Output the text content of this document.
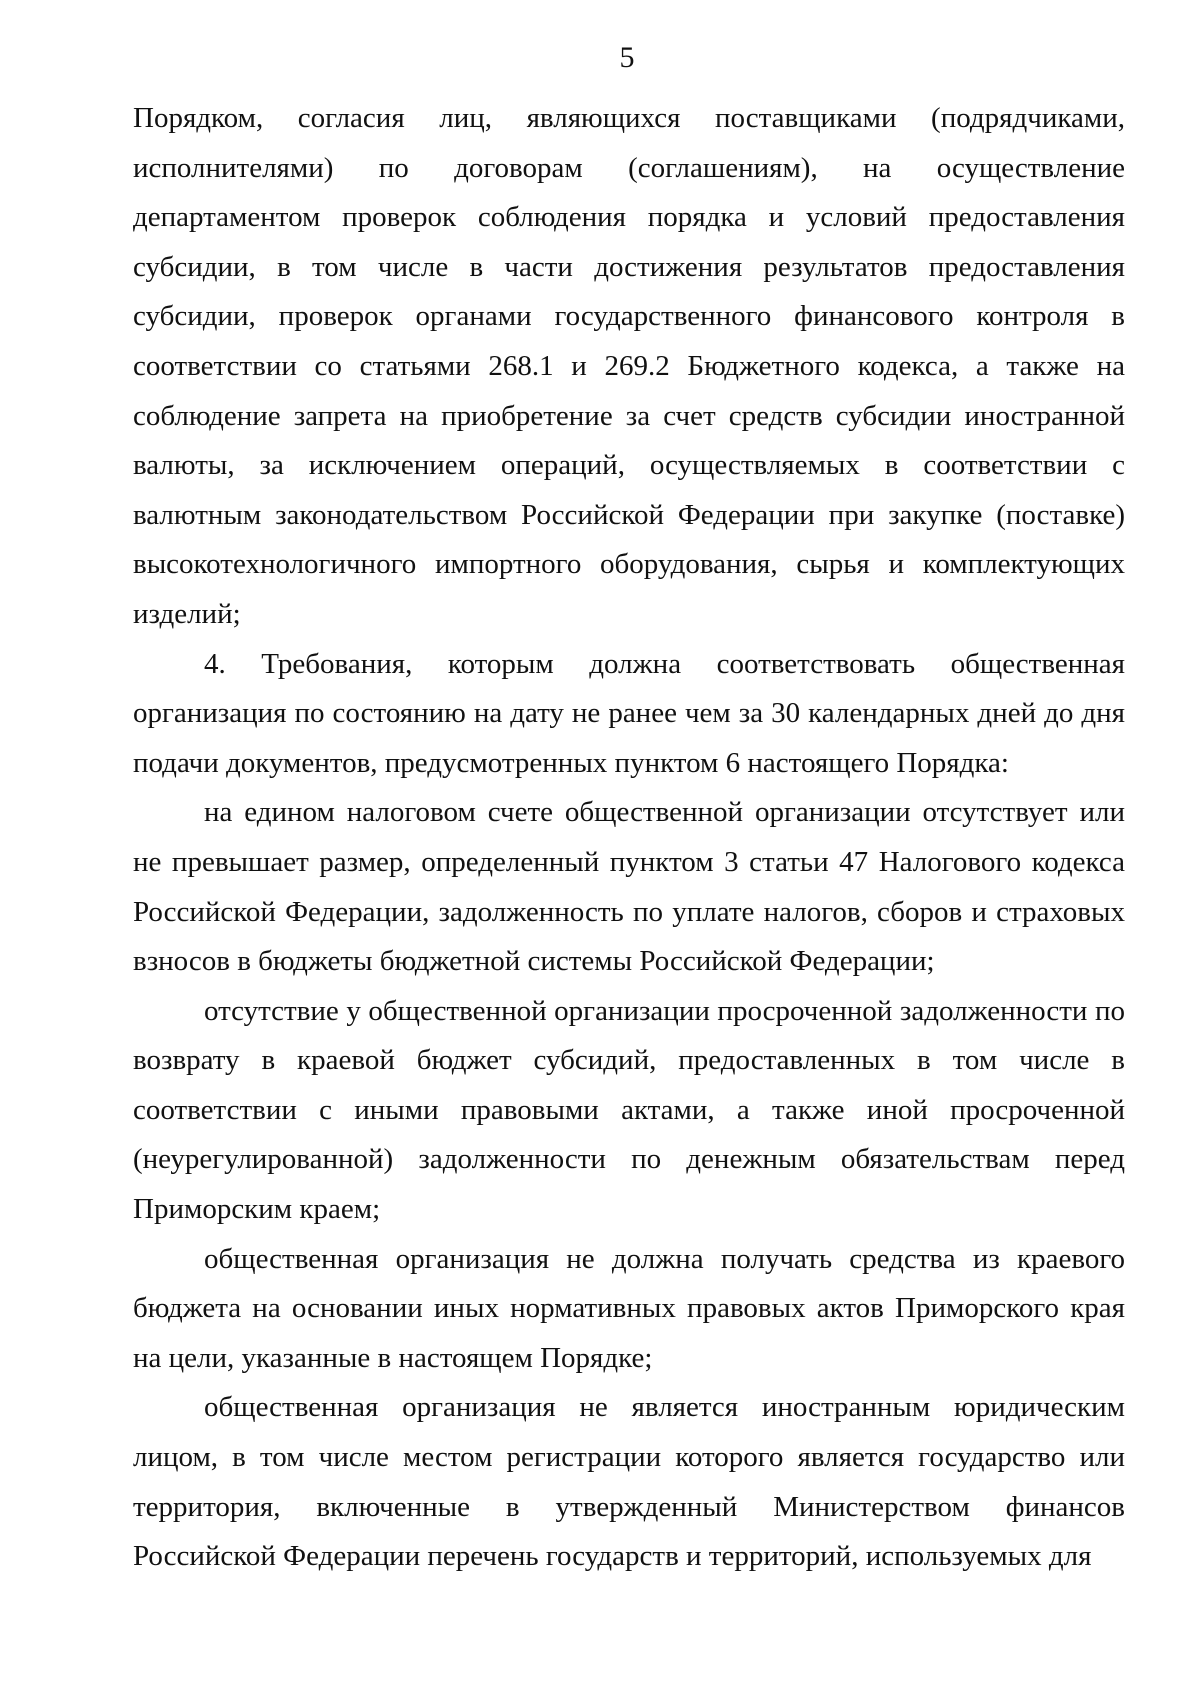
5

Порядком, согласия лиц, являющихся поставщиками (подрядчиками, исполнителями) по договорам (соглашениям), на осуществление департаментом проверок соблюдения порядка и условий предоставления субсидии, в том числе в части достижения результатов предоставления субсидии, проверок органами государственного финансового контроля в соответствии со статьями 268.1 и 269.2 Бюджетного кодекса, а также на соблюдение запрета на приобретение за счет средств субсидии иностранной валюты, за исключением операций, осуществляемых в соответствии с валютным законодательством Российской Федерации при закупке (поставке) высокотехнологичного импортного оборудования, сырья и комплектующих изделий;

4. Требования, которым должна соответствовать общественная организация по состоянию на дату не ранее чем за 30 календарных дней до дня подачи документов, предусмотренных пунктом 6 настоящего Порядка:

на едином налоговом счете общественной организации отсутствует или не превышает размер, определенный пунктом 3 статьи 47 Налогового кодекса Российской Федерации, задолженность по уплате налогов, сборов и страховых взносов в бюджеты бюджетной системы Российской Федерации;

отсутствие у общественной организации просроченной задолженности по возврату в краевой бюджет субсидий, предоставленных в том числе в соответствии с иными правовыми актами, а также иной просроченной (неурегулированной) задолженности по денежным обязательствам перед Приморским краем;

общественная организация не должна получать средства из краевого бюджета на основании иных нормативных правовых актов Приморского края на цели, указанные в настоящем Порядке;

общественная организация не является иностранным юридическим лицом, в том числе местом регистрации которого является государство или территория, включенные в утвержденный Министерством финансов Российской Федерации перечень государств и территорий, используемых для
